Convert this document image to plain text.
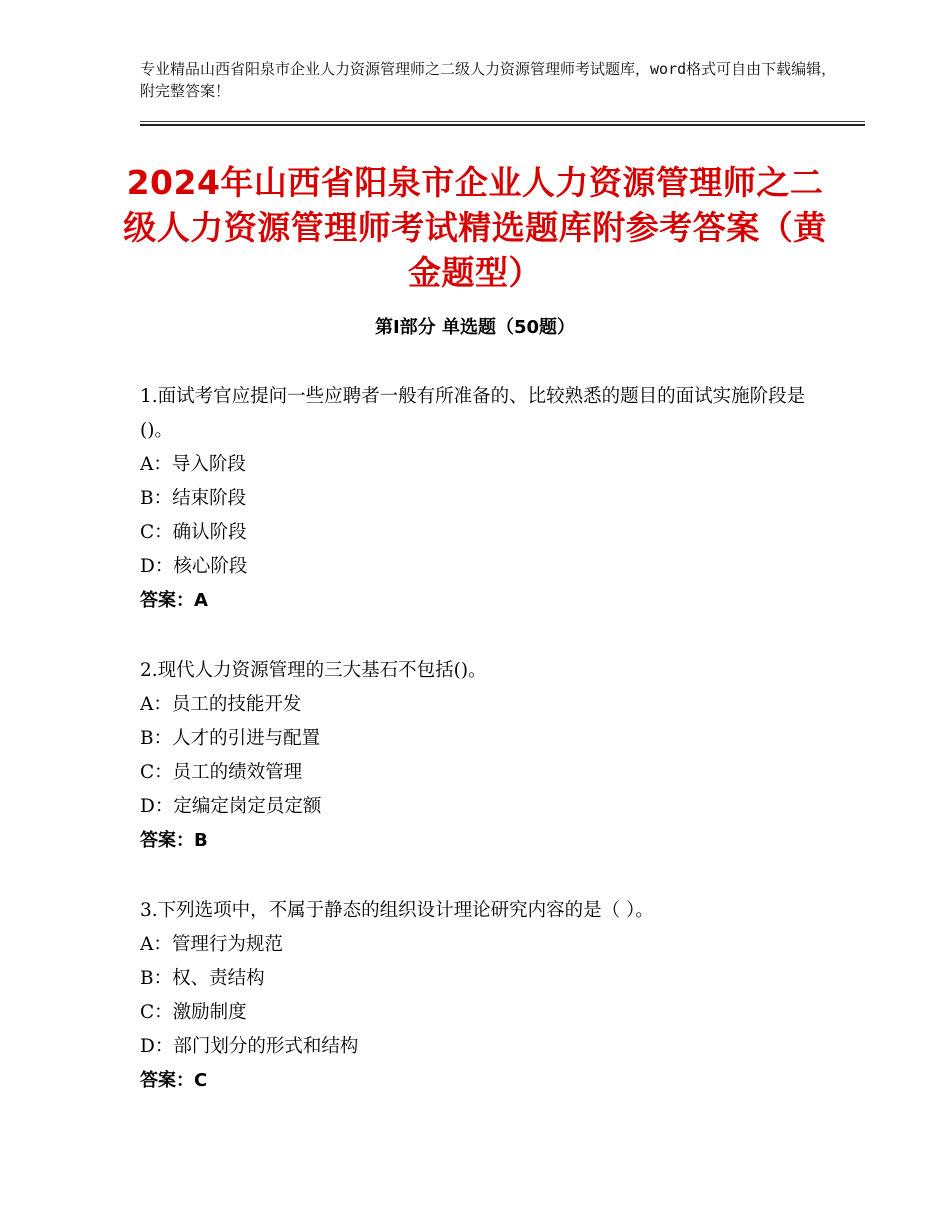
专业精品山西省阳泉市企业人力资源管理师之二级人力资源管理师考试题库，word格式可自由下载编辑，附完整答案！
2024年山西省阳泉市企业人力资源管理师之二级人力资源管理师考试精选题库附参考答案（黄金题型）
第Ⅰ部分 单选题（50题）

1.面试考官应提问一些应聘者一般有所准备的、比较熟悉的题目的面试实施阶段是()。

A：导入阶段

B：结束阶段

C：确认阶段

D：核心阶段

答案：A

2.现代人力资源管理的三大基石不包括()。

A：员工的技能开发

B：人才的引进与配置

C：员工的绩效管理

D：定编定岗定员定额

答案：B

3.下列选项中，不属于静态的组织设计理论研究内容的是（ ）。

A：管理行为规范

B：权、责结构

C：激励制度

D：部门划分的形式和结构

答案：C
